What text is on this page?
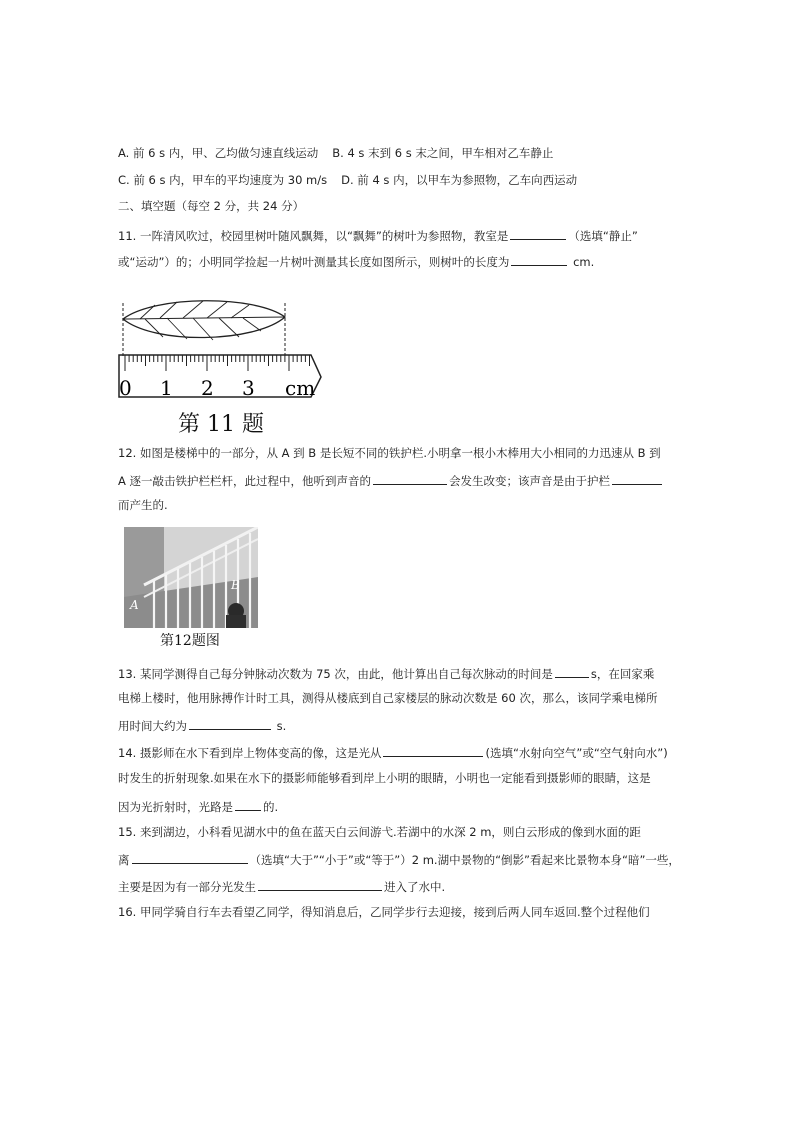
A. 前 6 s 内，甲、乙均做匀速直线运动 B. 4 s 末到 6 s 末之间，甲车相对乙车静止
C. 前 6 s 内，甲车的平均速度为 30 m/s D. 前 4 s 内，以甲车为参照物，乙车向西运动
二、填空题（每空 2 分，共 24 分）
11. 一阵清风吹过，校园里树叶随风飘舞，以“飘舞”的树叶为参照物，教室是	（选填“静止”
或“运动”）的；小明同学捡起一片树叶测量其长度如图所示，则树叶的长度为	cm.
0 1 2 3 cm
第 11 题
12. 如图是楼梯中的一部分，从 A 到 B 是长短不同的铁护栏.小明拿一根小木棒用大小相同的力迅速从 B 到
A 逐一敲击铁护栏栏杆，此过程中，他听到声音的	会发生改变；该声音是由于护栏
而产生的.
A
B
第12题图
13. 某同学测得自己每分钟脉动次数为 75 次，由此，他计算出自己每次脉动的时间是	s，在回家乘
电梯上楼时，他用脉搏作计时工具，测得从楼底到自己家楼层的脉动次数是 60 次，那么，该同学乘电梯所
用时间大约为	s.
14. 摄影师在水下看到岸上物体变高的像，这是光从	(选填“水射向空气”或“空气射向水”)
时发生的折射现象.如果在水下的摄影师能够看到岸上小明的眼睛，小明也一定能看到摄影师的眼睛，这是
因为光折射时，光路是	的.
15. 来到湖边，小科看见湖水中的鱼在蓝天白云间游弋.若湖中的水深 2 m，则白云形成的像到水面的距
离	（选填“大于”“小于”或“等于”）2 m.湖中景物的“倒影”看起来比景物本身“暗”一些，
主要是因为有一部分光发生	进入了水中.
16. 甲同学骑自行车去看望乙同学，得知消息后，乙同学步行去迎接，接到后两人同车返回.整个过程他们
